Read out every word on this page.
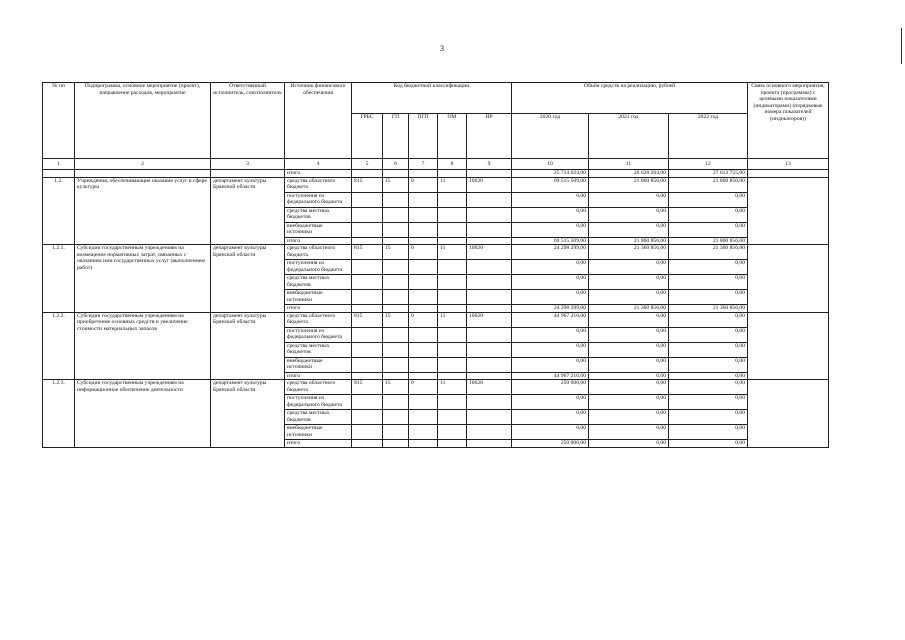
3
№ пп	Подпрограмма, основное мероприятие (проект), направление расходов, мероприятие	Ответственный исполнитель, соисполнитель	Источник финансового обеспечения	Код бюджетной классификации					Объём средств на реализацию, рублей			Связь основного мероприятия, проекта (программы) с целевыми показателями (индикаторами) (порядковые номера показателей (индикаторов))
				ГРБС	ГП	ПГП	ОМ	НР	2020 год	2021 год	2022 год	
1	2	3	4	5	6	7	8	9	10	11	12	13
			итого						25 714 024,00	26 628 264,00	27 613 755,00	
1.2.	Учреждения, обеспечивающие оказание услуг в сфере культуры	департамент культуры Брянской области	средства областного бюджета	815	15	0	11	10620	69 515 509,00	21 860 856,00	21 860 856,00	
			поступления из федерального бюджета						0,00	0,00	0,00	
			средства местных бюджетов						0,00	0,00	0,00	
			внебюджетные источники						0,00	0,00	0,00	
			итого						69 515 509,00	21 860 856,00	21 860 856,00	
1.2.1.	Субсидии государственным учреждениям на возмещение нормативных затрат, связанных с оказанием ими государственных услуг (выполнением работ)	департамент культуры Брянской области	средства областного бюджета	815	15	0	11	10620	24 298 299,00	21 360 856,00	21 360 856,00	
			поступления из федерального бюджета						0,00	0,00	0,00	
			средства местных бюджетов						0,00	0,00	0,00	
			внебюджетные источники						0,00	0,00	0,00	
			итого						24 298 299,00	21 360 856,00	21 360 856,00	
1.2.2.	Субсидии государственным учреждениям на приобретение основных средств и увеличение стоимости материальных запасов	департамент культуры Брянской области	средства областного бюджета	815	15	0	11	10620	44 967 210,00	0,00	0,00	
			поступления из федерального бюджета						0,00	0,00	0,00	
			средства местных бюджетов						0,00	0,00	0,00	
			внебюджетные источники						0,00	0,00	0,00	
			итого						44 967 210,00	0,00	0,00	
1.2.3.	Субсидии государственным учреждениям на информационное обеспечение деятельности	департамент культуры Брянской области	средства областного бюджета	815	15	0	11	10620	250 000,00	0,00	0,00	
			поступления из федерального бюджета						0,00	0,00	0,00	
			средства местных бюджетов						0,00	0,00	0,00	
			внебюджетные источники						0,00	0,00	0,00	
			итого						250 000,00	0,00	0,00	
